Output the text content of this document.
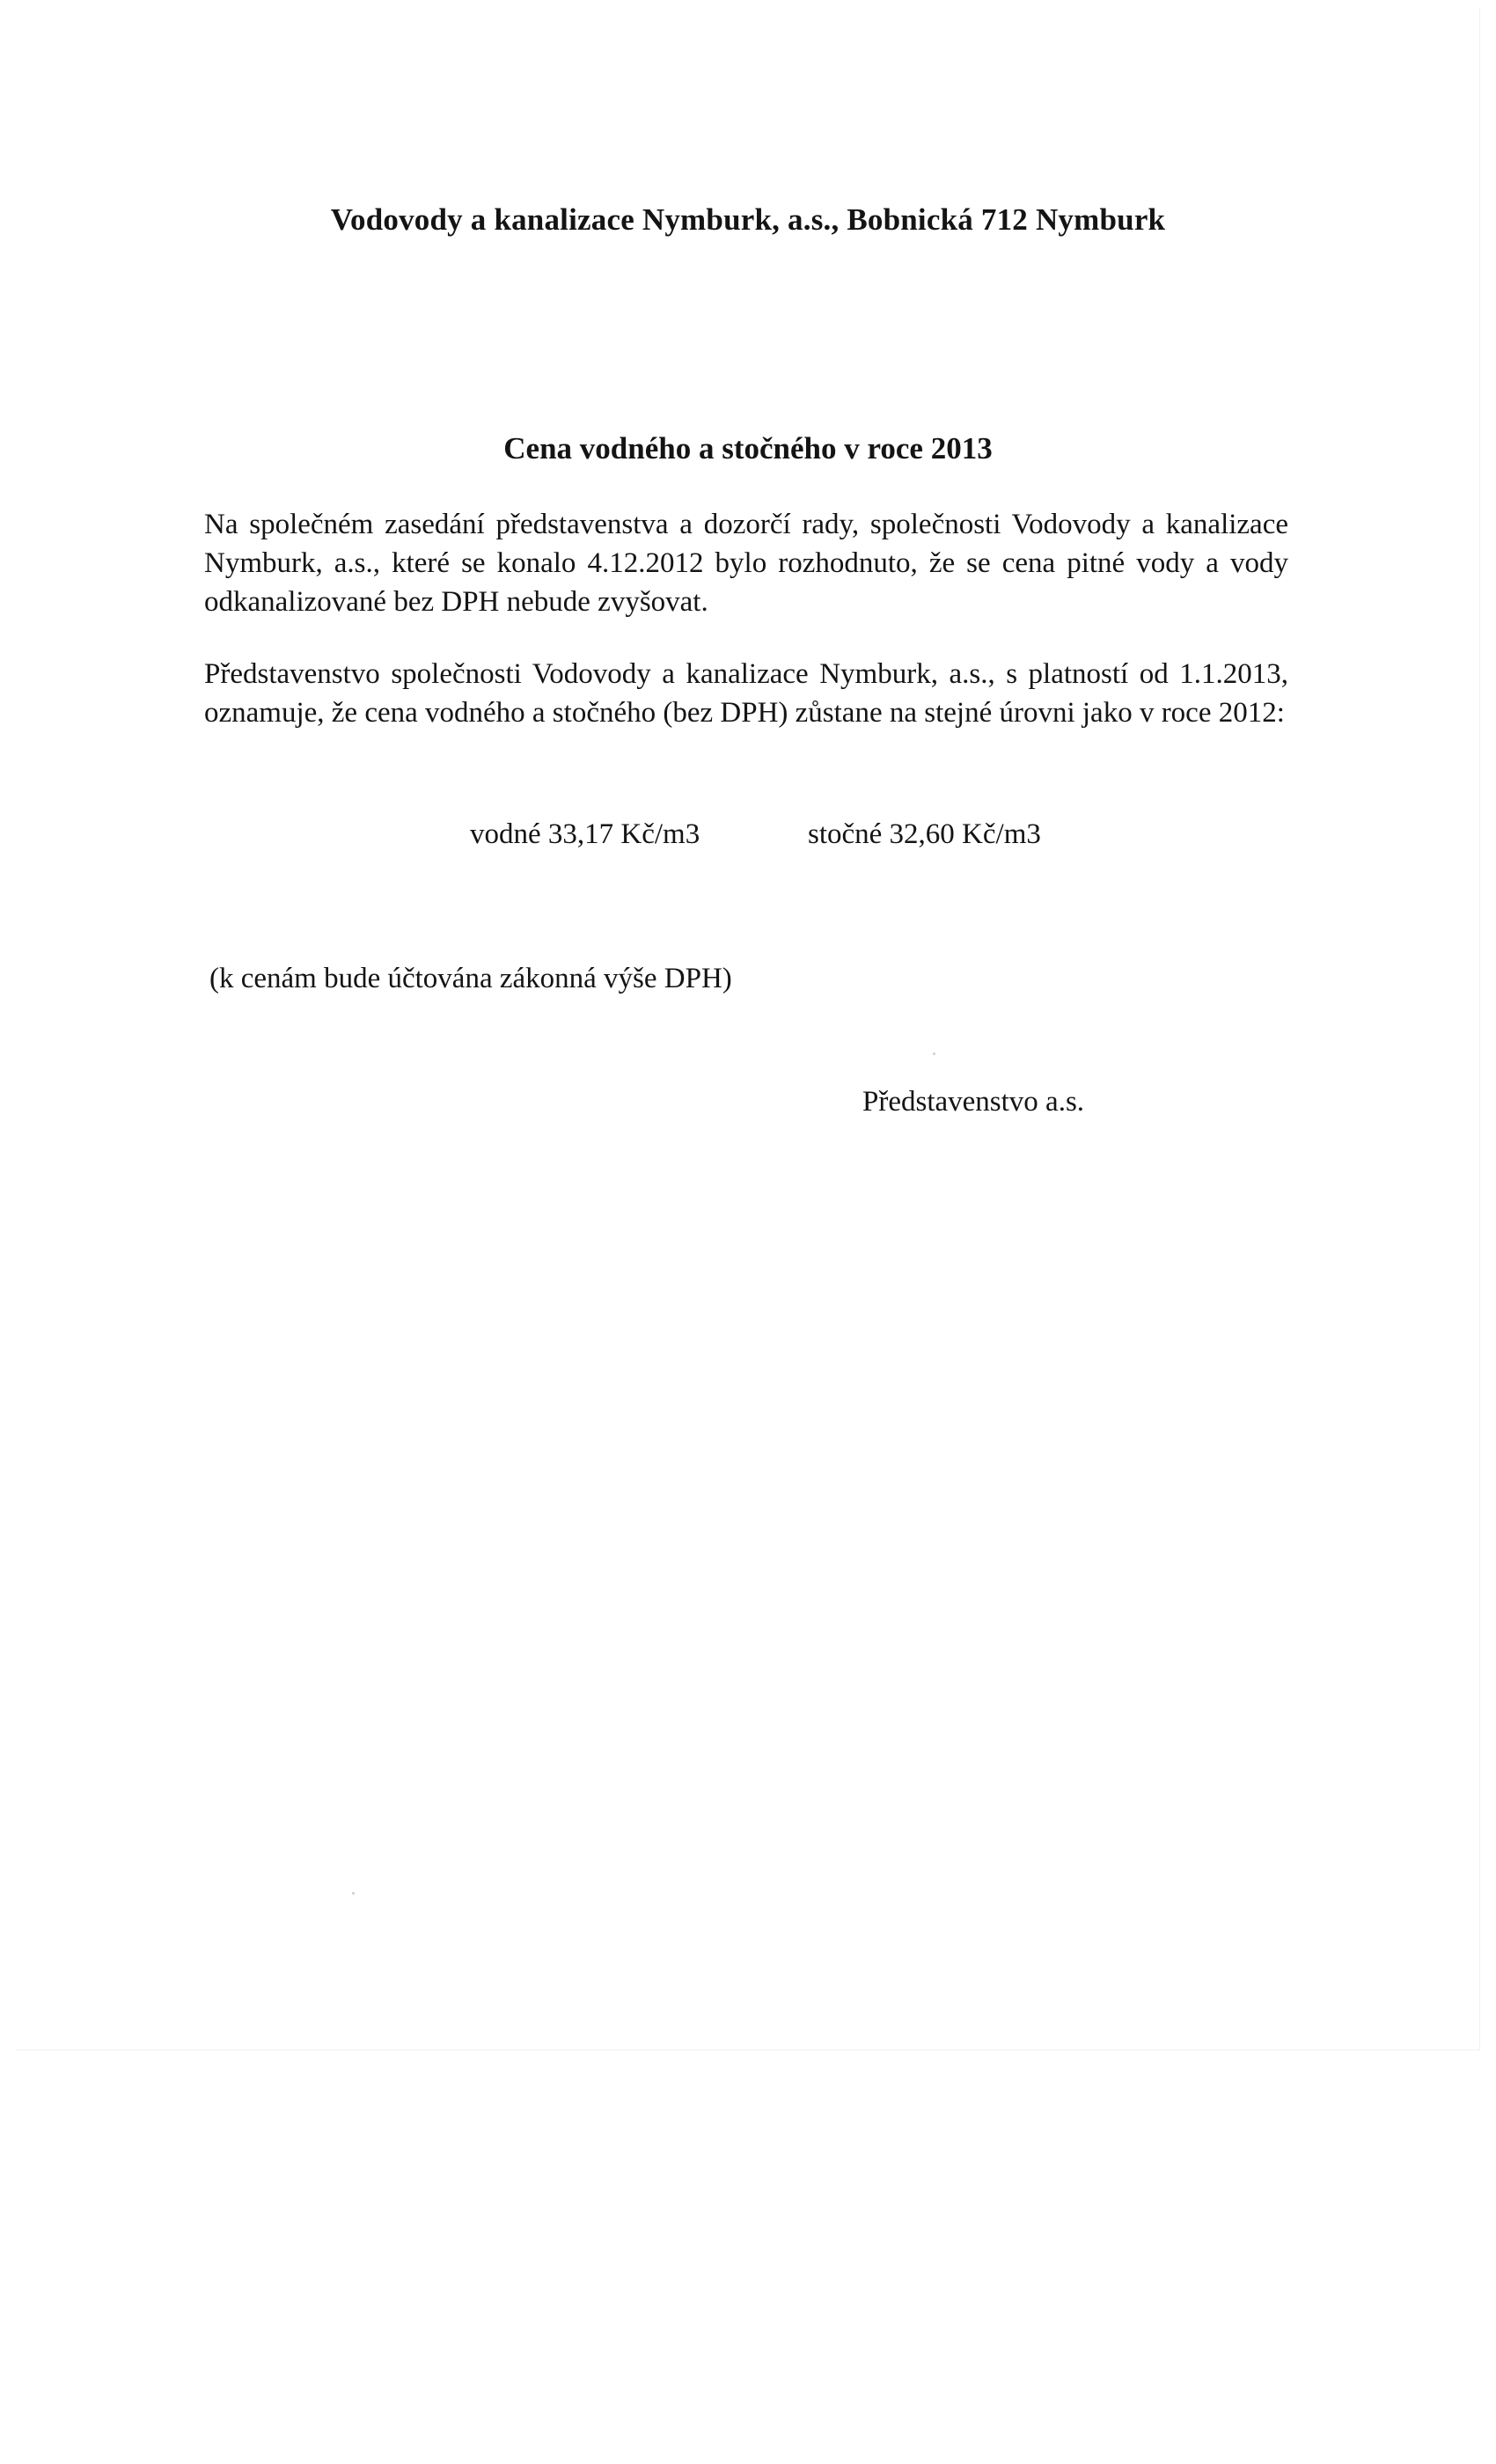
Vodovody a kanalizace Nymburk, a.s., Bobnická 712 Nymburk

Cena vodného a stočného v roce 2013

Na společném zasedání představenstva a dozorčí rady, společnosti Vodovody a kanalizace Nymburk, a.s., které se konalo 4.12.2012 bylo rozhodnuto, že se cena pitné vody a vody odkanalizované bez DPH nebude zvyšovat.

Představenstvo společnosti Vodovody a kanalizace Nymburk, a.s., s platností od 1.1.2013, oznamuje, že cena vodného a stočného (bez DPH) zůstane na stejné úrovni jako v roce 2012:

vodné 33,17 Kč/m3	stočné 32,60 Kč/m3

(k cenám bude účtována zákonná výše DPH)

Představenstvo a.s.
